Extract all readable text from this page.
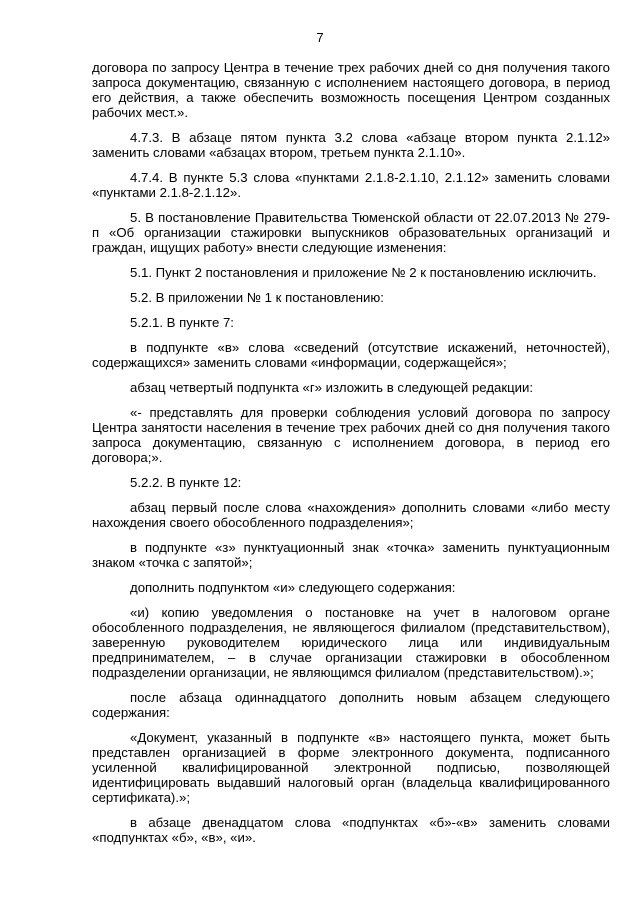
7

договора по запросу Центра в течение трех рабочих дней со дня получения такого запроса документацию, связанную с исполнением настоящего договора, в период его действия, а также обеспечить возможность посещения Центром созданных рабочих мест.».

4.7.3. В абзаце пятом пункта 3.2 слова «абзаце втором пункта 2.1.12» заменить словами «абзацах втором, третьем пункта 2.1.10».

4.7.4. В пункте 5.3 слова «пунктами 2.1.8-2.1.10, 2.1.12» заменить словами «пунктами 2.1.8-2.1.12».

5. В постановление Правительства Тюменской области от 22.07.2013 № 279-п «Об организации стажировки выпускников образовательных организаций и граждан, ищущих работу» внести следующие изменения:

5.1. Пункт 2 постановления и приложение № 2 к постановлению исключить.

5.2. В приложении № 1 к постановлению:

5.2.1. В пункте 7:

в подпункте «в» слова «сведений (отсутствие искажений, неточностей), содержащихся» заменить словами «информации, содержащейся»;

абзац четвертый подпункта «г» изложить в следующей редакции:

«- представлять для проверки соблюдения условий договора по запросу Центра занятости населения в течение трех рабочих дней со дня получения такого запроса документацию, связанную с исполнением договора, в период его договора;».

5.2.2. В пункте 12:

абзац первый после слова «нахождения» дополнить словами «либо месту нахождения своего обособленного подразделения»;

в подпункте «з» пунктуационный знак «точка» заменить пунктуационным знаком «точка с запятой»;

дополнить подпунктом «и» следующего содержания:

«и) копию уведомления о постановке на учет в налоговом органе обособленного подразделения, не являющегося филиалом (представительством), заверенную руководителем юридического лица или индивидуальным предпринимателем, – в случае организации стажировки в обособленном подразделении организации, не являющимся филиалом (представительством).»;

после абзаца одиннадцатого дополнить новым абзацем следующего содержания:

«Документ, указанный в подпункте «в» настоящего пункта, может быть представлен организацией в форме электронного документа, подписанного усиленной квалифицированной электронной подписью, позволяющей идентифицировать выдавший налоговый орган (владельца квалифицированного сертификата).»;

в абзаце двенадцатом слова «подпунктах «б»-«в» заменить словами «подпунктах «б», «в», «и».
